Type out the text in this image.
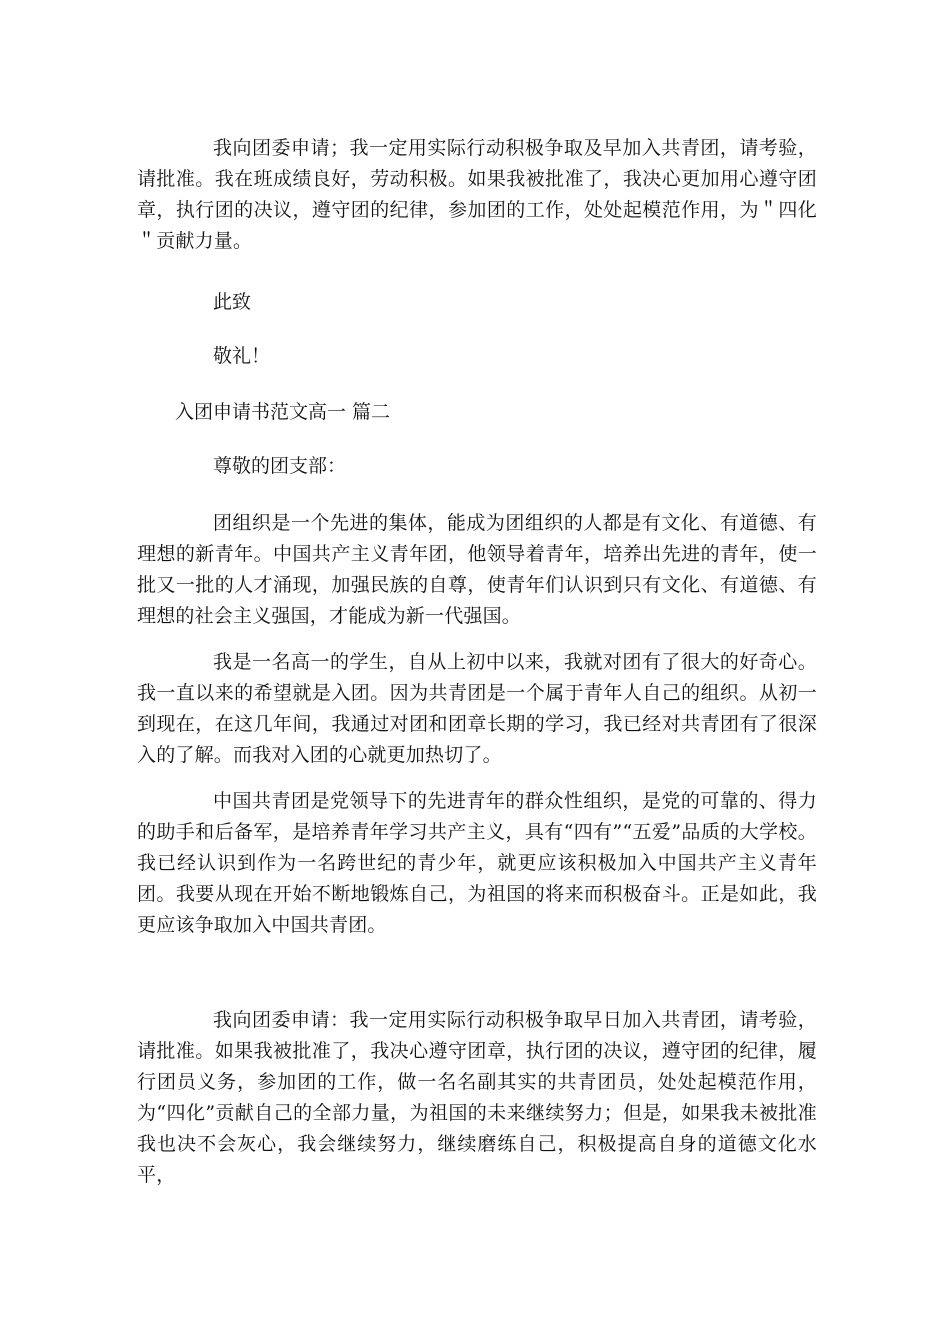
我向团委申请；我一定用实际行动积极争取及早加入共青团，请考验，请批准。我在班成绩良好，劳动积极。如果我被批准了，我决心更加用心遵守团章，执行团的决议，遵守团的纪律，参加团的工作，处处起模范作用，为＂四化＂贡献力量。

此致

敬礼！

入团申请书范文高一 篇二

尊敬的团支部：

团组织是一个先进的集体，能成为团组织的人都是有文化、有道德、有理想的新青年。中国共产主义青年团，他领导着青年，培养出先进的青年，使一批又一批的人才涌现，加强民族的自尊，使青年们认识到只有文化、有道德、有理想的社会主义强国，才能成为新一代强国。

我是一名高一的学生，自从上初中以来，我就对团有了很大的好奇心。我一直以来的希望就是入团。因为共青团是一个属于青年人自己的组织。从初一到现在，在这几年间，我通过对团和团章长期的学习，我已经对共青团有了很深入的了解。而我对入团的心就更加热切了。

中国共青团是党领导下的先进青年的群众性组织，是党的可靠的、得力的助手和后备军，是培养青年学习共产主义，具有“四有”“五爱”品质的大学校。我已经认识到作为一名跨世纪的青少年，就更应该积极加入中国共产主义青年团。我要从现在开始不断地锻炼自己，为祖国的将来而积极奋斗。正是如此，我更应该争取加入中国共青团。

我向团委申请：我一定用实际行动积极争取早日加入共青团，请考验，请批准。如果我被批准了，我决心遵守团章，执行团的决议，遵守团的纪律，履行团员义务，参加团的工作，做一名名副其实的共青团员，处处起模范作用，为“四化”贡献自己的全部力量，为祖国的未来继续努力；但是，如果我未被批准我也决不会灰心，我会继续努力，继续磨练自己，积极提高自身的道德文化水平，
